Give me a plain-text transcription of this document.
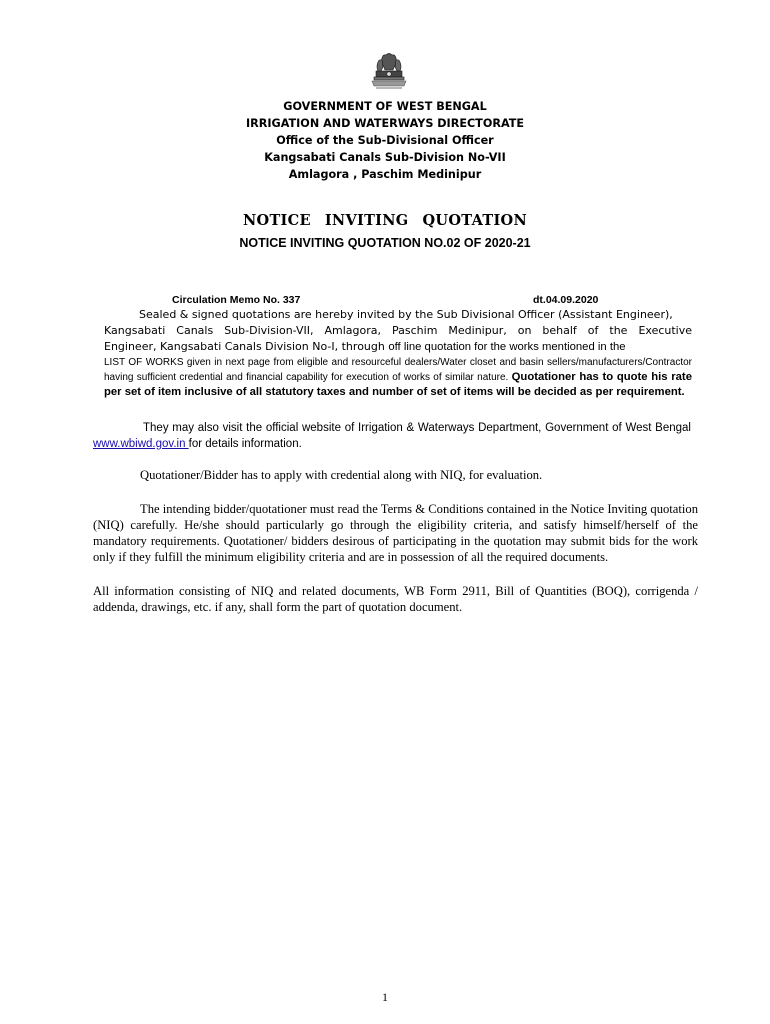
GOVERNMENT OF WEST BENGAL
IRRIGATION AND WATERWAYS DIRECTORATE
Office of the Sub-Divisional Officer
Kangsabati Canals Sub-Division No-VII
Amlagora , Paschim Medinipur
NOTICE INVITING QUOTATION
NOTICE INVITING QUOTATION NO.02 OF 2020-21
Circulation Memo No. 337	dt.04.09.2020
Sealed & signed quotations are hereby invited by the Sub Divisional Officer (Assistant Engineer),
Kangsabati Canals Sub-Division-VII, Amlagora, Paschim Medinipur, on behalf of the Executive
Engineer, Kangsabati Canals Division No-I, through off line quotation for the works mentioned in the
LIST OF WORKS given in next page from eligible and resourceful dealers/Water closet and basin sellers/manufacturers/Contractor having sufficient credential and financial capability for execution of works of similar nature. Quotationer has to quote his rate per set of item inclusive of all statutory taxes and number of set of items will be decided as per requirement.
They may also visit the official website of Irrigation & Waterways Department, Government of West Bengal www.wbiwd.gov.in for details information.
Quotationer/Bidder has to apply with credential along with NIQ, for evaluation.
The intending bidder/quotationer must read the Terms & Conditions contained in the Notice Inviting quotation (NIQ) carefully. He/she should particularly go through the eligibility criteria, and satisfy himself/herself of the mandatory requirements. Quotationer/ bidders desirous of participating in the quotation may submit bids for the work only if they fulfill the minimum eligibility criteria and are in possession of all the required documents.
All information consisting of NIQ and related documents, WB Form 2911, Bill of Quantities (BOQ), corrigenda / addenda, drawings, etc. if any, shall form the part of quotation document.
1
